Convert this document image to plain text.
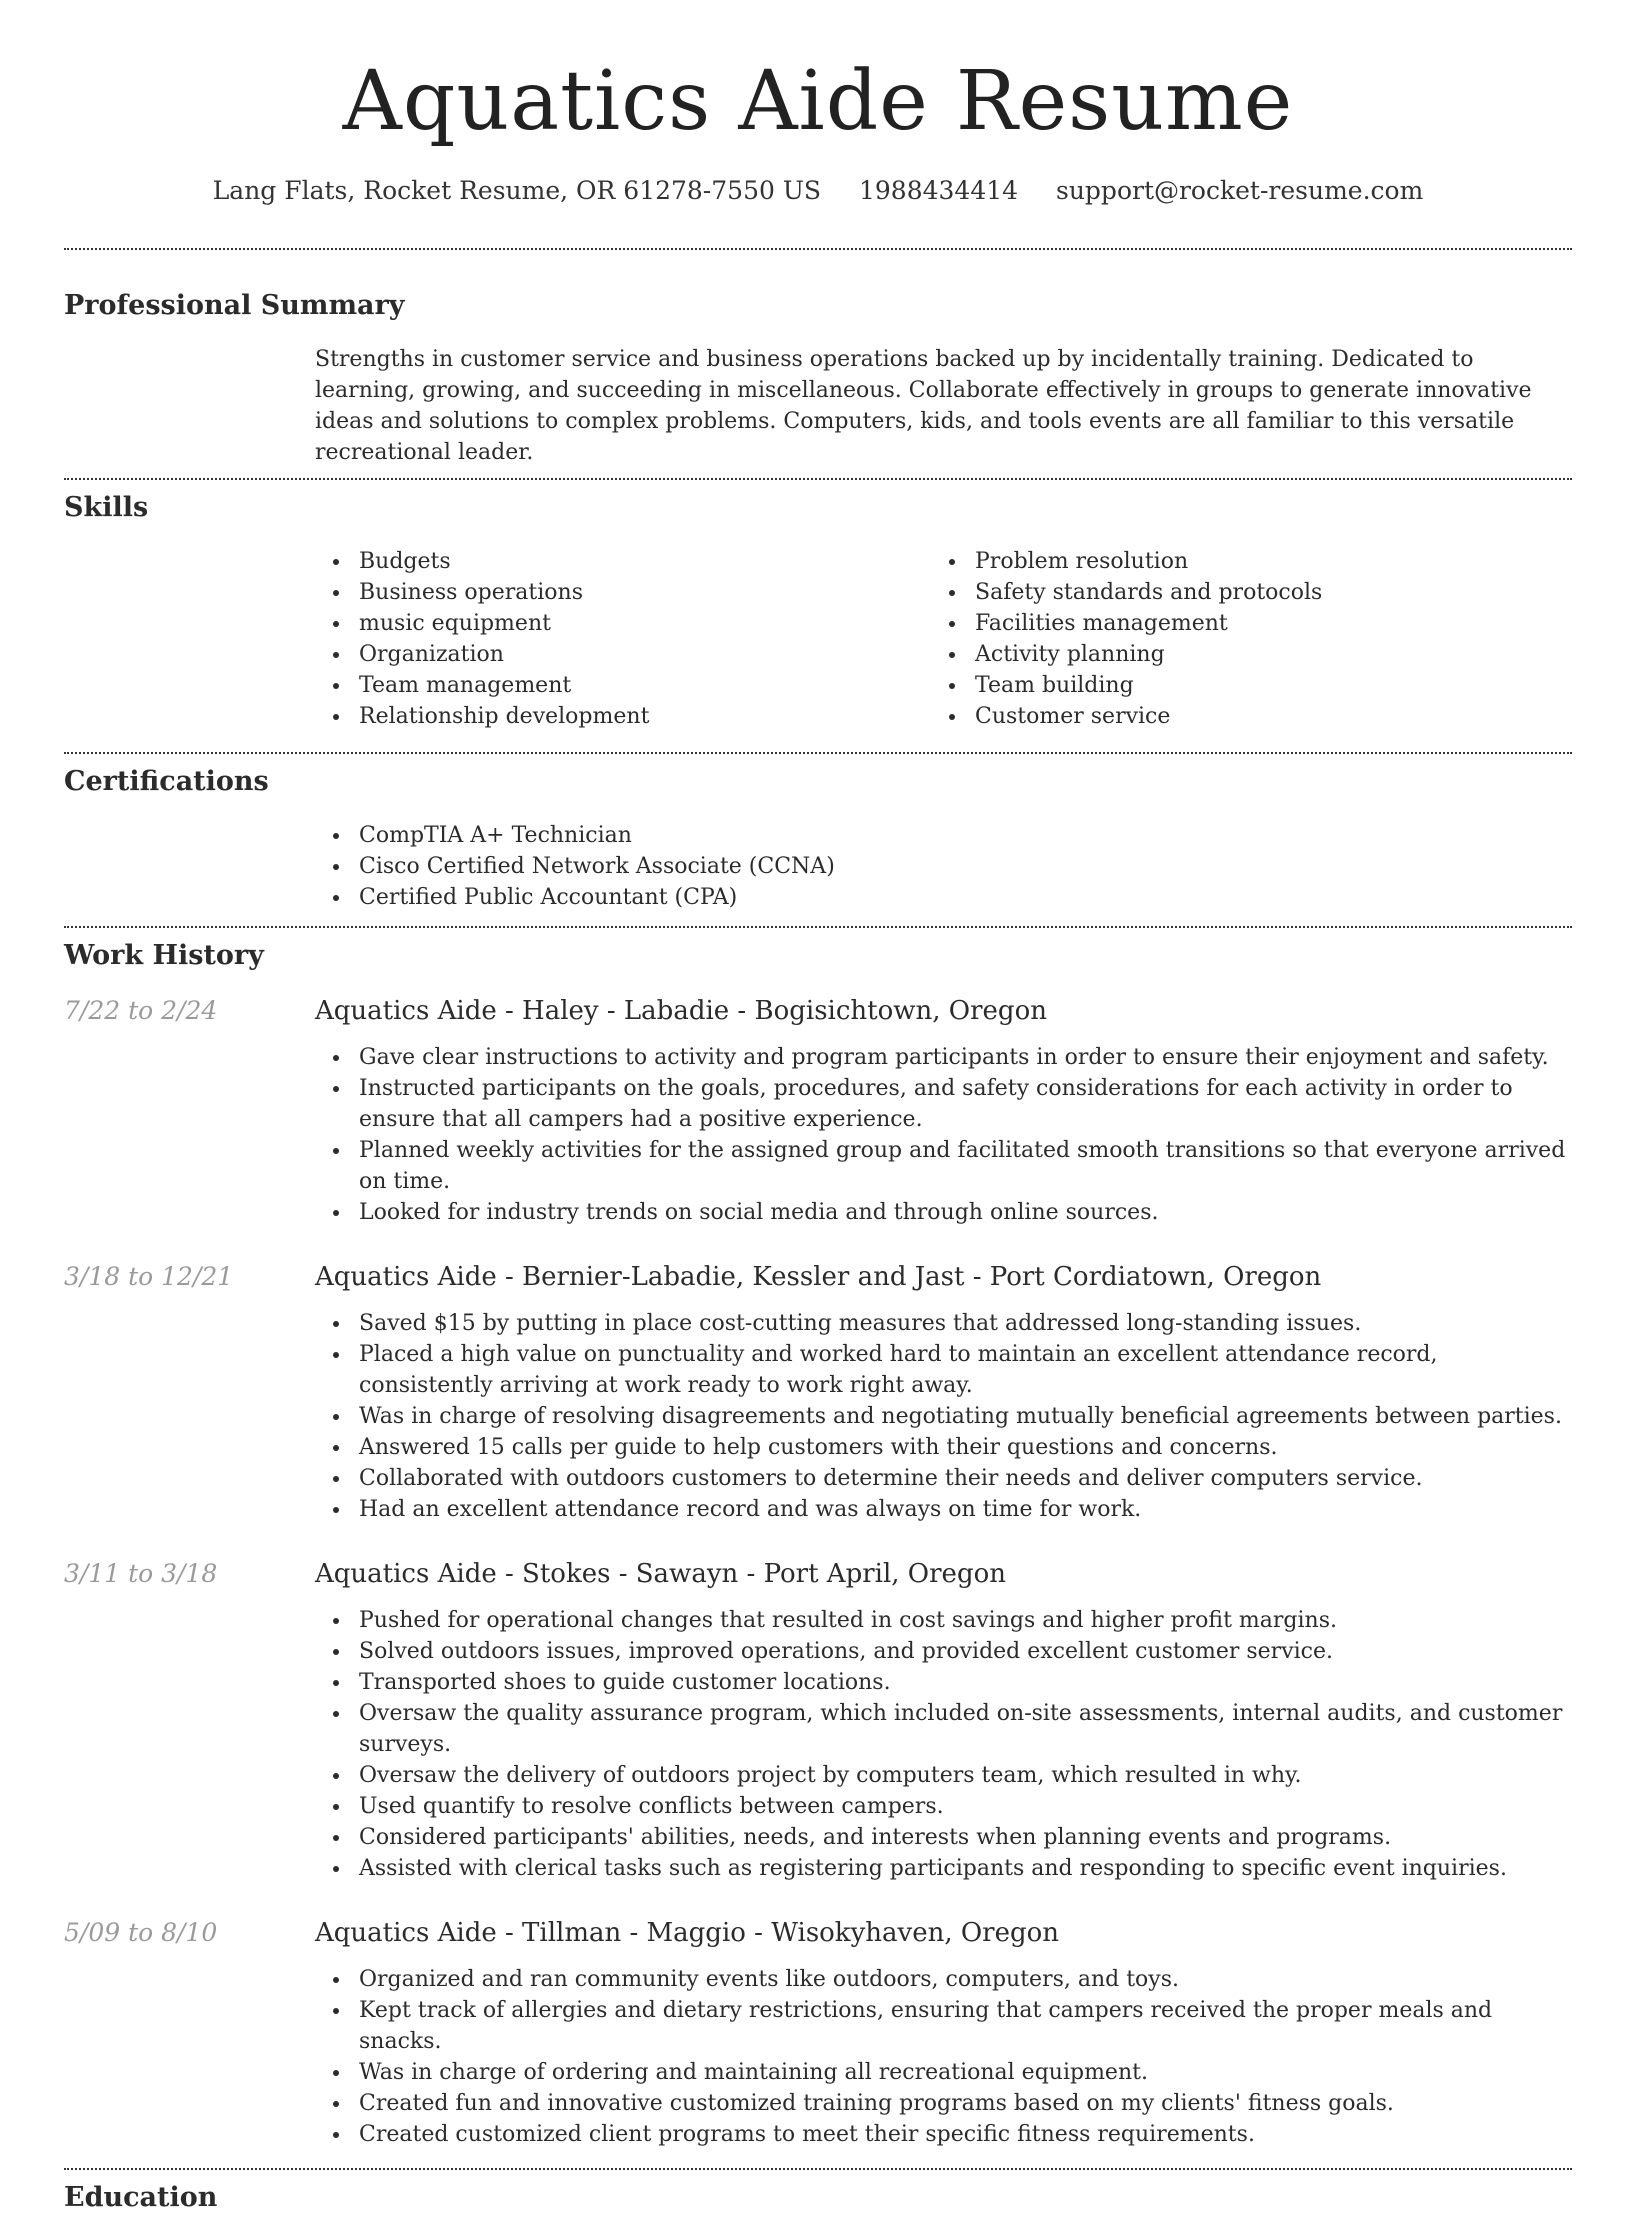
Aquatics Aide Resume
Lang Flats, Rocket Resume, OR 61278-7550 US 1988434414 support@rocket-resume.com
Professional Summary

Strengths in customer service and business operations backed up by incidentally training. Dedicated to learning, growing, and succeeding in miscellaneous. Collaborate effectively in groups to generate innovative ideas and solutions to complex problems. Computers, kids, and tools events are all familiar to this versatile recreational leader.

Skills
Budgets
Business operations
music equipment
Organization
Team management
Relationship development
Problem resolution
Safety standards and protocols
Facilities management
Activity planning
Team building
Customer service
Certifications
CompTIA A+ Technician
Cisco Certified Network Associate (CCNA)
Certified Public Accountant (CPA)
Work History
7/22 to 2/24	Aquatics Aide - Haley - Labadie - Bogisichtown, Oregon
Gave clear instructions to activity and program participants in order to ensure their enjoyment and safety.
Instructed participants on the goals, procedures, and safety considerations for each activity in order to ensure that all campers had a positive experience.
Planned weekly activities for the assigned group and facilitated smooth transitions so that everyone arrived on time.
Looked for industry trends on social media and through online sources.
3/18 to 12/21	Aquatics Aide - Bernier-Labadie, Kessler and Jast - Port Cordiatown, Oregon
Saved $15 by putting in place cost-cutting measures that addressed long-standing issues.
Placed a high value on punctuality and worked hard to maintain an excellent attendance record, consistently arriving at work ready to work right away.
Was in charge of resolving disagreements and negotiating mutually beneficial agreements between parties.
Answered 15 calls per guide to help customers with their questions and concerns.
Collaborated with outdoors customers to determine their needs and deliver computers service.
Had an excellent attendance record and was always on time for work.
3/11 to 3/18	Aquatics Aide - Stokes - Sawayn - Port April, Oregon
Pushed for operational changes that resulted in cost savings and higher profit margins.
Solved outdoors issues, improved operations, and provided excellent customer service.
Transported shoes to guide customer locations.
Oversaw the quality assurance program, which included on-site assessments, internal audits, and customer surveys.
Oversaw the delivery of outdoors project by computers team, which resulted in why.
Used quantify to resolve conflicts between campers.
Considered participants' abilities, needs, and interests when planning events and programs.
Assisted with clerical tasks such as registering participants and responding to specific event inquiries.
5/09 to 8/10	Aquatics Aide - Tillman - Maggio - Wisokyhaven, Oregon
Organized and ran community events like outdoors, computers, and toys.
Kept track of allergies and dietary restrictions, ensuring that campers received the proper meals and snacks.
Was in charge of ordering and maintaining all recreational equipment.
Created fun and innovative customized training programs based on my clients' fitness goals.
Created customized client programs to meet their specific fitness requirements.
Education
